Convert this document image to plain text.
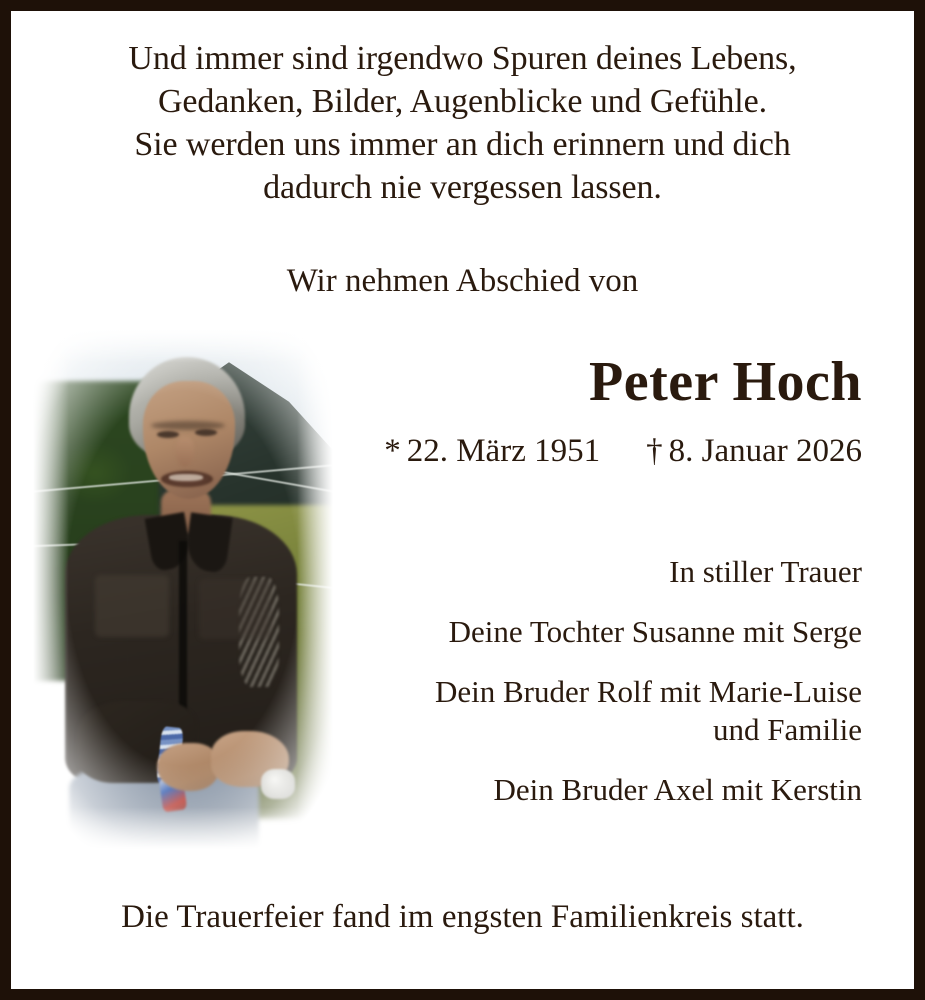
Und immer sind irgendwo Spuren deines Lebens,
Gedanken, Bilder, Augenblicke und Gefühle.
Sie werden uns immer an dich erinnern und dich
dadurch nie vergessen lassen.
Wir nehmen Abschied von
Peter Hoch
* 22. März 1951 † 8. Januar 2026
In stiller Trauer
Deine Tochter Susanne mit Serge
Dein Bruder Rolf mit Marie-Luise
und Familie
Dein Bruder Axel mit Kerstin
Die Trauerfeier fand im engsten Familienkreis statt.
